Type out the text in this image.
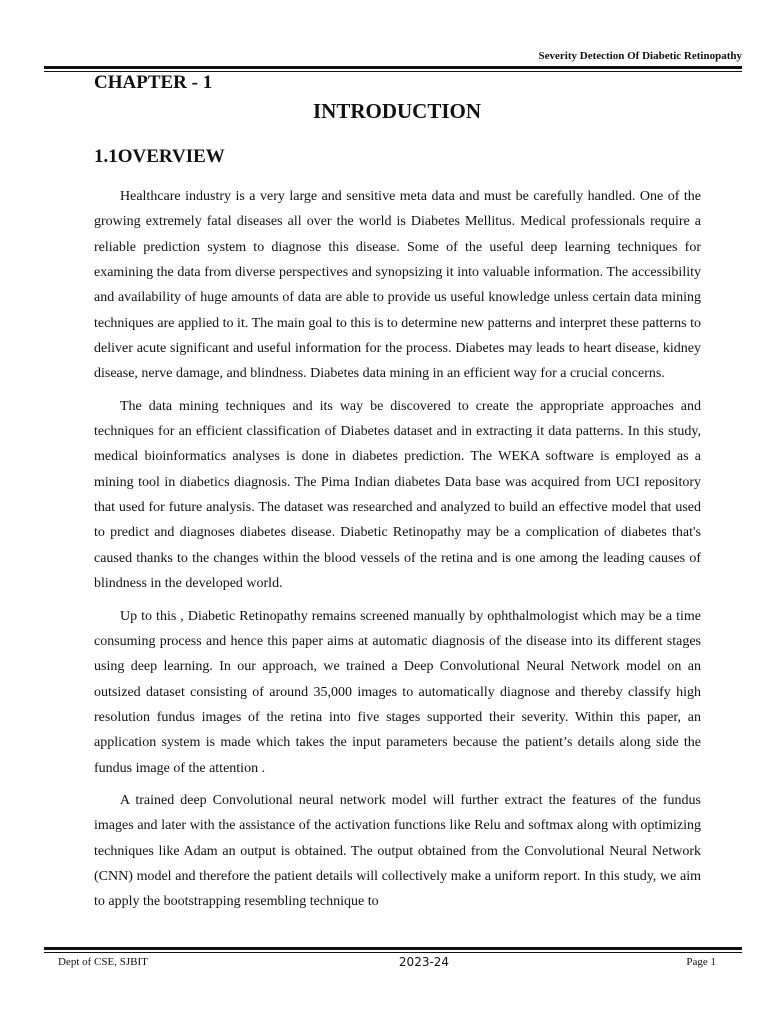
Severity Detection Of Diabetic Retinopathy
CHAPTER - 1
INTRODUCTION
1.1OVERVIEW

Healthcare industry is a very large and sensitive meta data and must be carefully handled. One of the growing extremely fatal diseases all over the world is Diabetes Mellitus. Medical professionals require a reliable prediction system to diagnose this disease. Some of the useful deep learning techniques for examining the data from diverse perspectives and synopsizing it into valuable information. The accessibility and availability of huge amounts of data are able to provide us useful knowledge unless certain data mining techniques are applied to it. The main goal to this is to determine new patterns and interpret these patterns to deliver acute significant and useful information for the process. Diabetes may leads to heart disease, kidney disease, nerve damage, and blindness. Diabetes data mining in an efficient way for a crucial concerns.

The data mining techniques and its way be discovered to create the appropriate approaches and techniques for an efficient classification of Diabetes dataset and in extracting it data patterns. In this study, medical bioinformatics analyses is done in diabetes prediction. The WEKA software is employed as a mining tool in diabetics diagnosis. The Pima Indian diabetes Data base was acquired from UCI repository that used for future analysis. The dataset was researched and analyzed to build an effective model that used to predict and diagnoses diabetes disease. Diabetic Retinopathy may be a complication of diabetes that's caused thanks to the changes within the blood vessels of the retina and is one among the leading causes of blindness in the developed world.

Up to this , Diabetic Retinopathy remains screened manually by ophthalmologist which may be a time consuming process and hence this paper aims at automatic diagnosis of the disease into its different stages using deep learning. In our approach, we trained a Deep Convolutional Neural Network model on an outsized dataset consisting of around 35,000 images to automatically diagnose and thereby classify high resolution fundus images of the retina into five stages supported their severity. Within this paper, an application system is made which takes the input parameters because the patient’s details along side the fundus image of the attention .

A trained deep Convolutional neural network model will further extract the features of the fundus images and later with the assistance of the activation functions like Relu and softmax along with optimizing techniques like Adam an output is obtained. The output obtained from the Convolutional Neural Network (CNN) model and therefore the patient details will collectively make a uniform report. In this study, we aim to apply the bootstrapping resembling technique to

Dept of CSE, SJBIT	2023-24	Page 1
